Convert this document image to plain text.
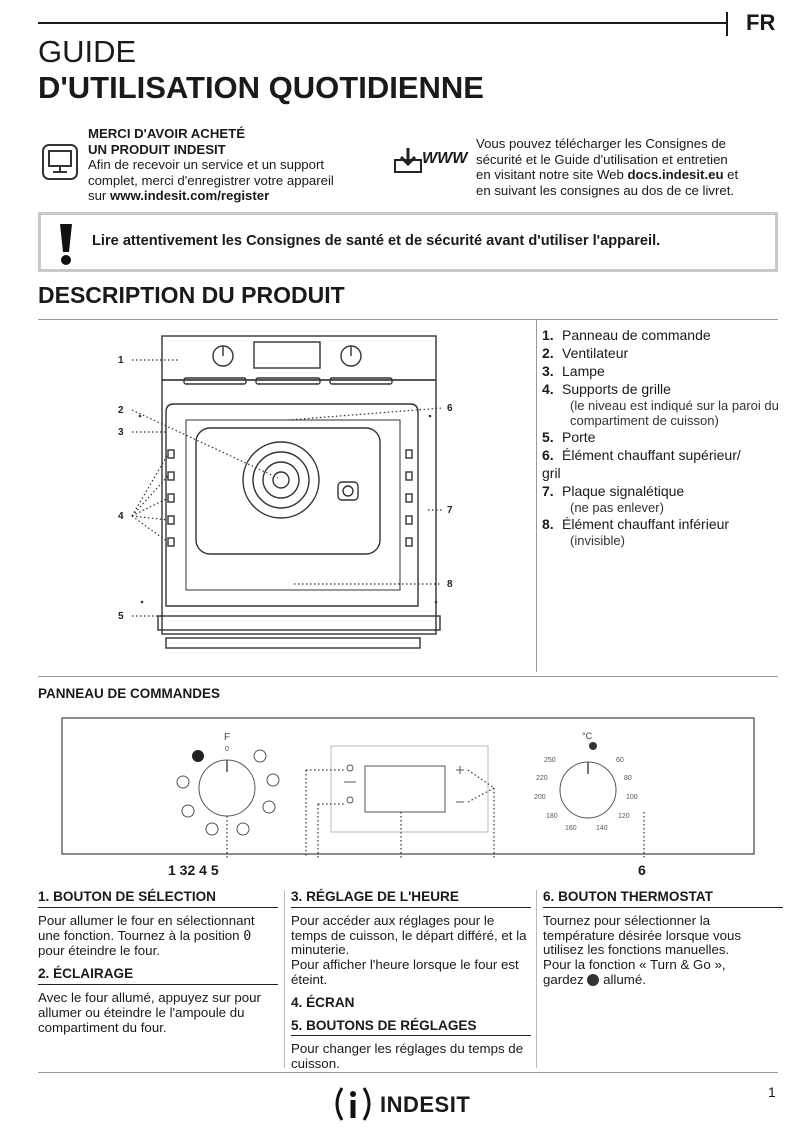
FR
GUIDE
D'UTILISATION QUOTIDIENNE
MERCI D'AVOIR ACHETÉ
UN PRODUIT INDESIT
Afin de recevoir un service et un support
complet, merci d'enregistrer votre appareil
sur www.indesit.com/register
WWW
Vous pouvez télécharger les Consignes de
sécurité et le Guide d'utilisation et entretien
en visitant notre site Web docs.indesit.eu et
en suivant les consignes au dos de ce livret.
Lire attentivement les Consignes de santé et de sécurité avant d'utiliser l'appareil.
DESCRIPTION DU PRODUIT
1
2
3
4
5
6
7
8
1. Panneau de commande
2. Ventilateur
3. Lampe
4. Supports de grille
(le niveau est indiqué sur la paroi du compartiment de cuisson)
5. Porte
6. Élément chauffant supérieur/ gril
7. Plaque signalétique
(ne pas enlever)
8. Élément chauffant inférieur
(invisible)
PANNEAU DE COMMANDES
F
0
°C
250	60
220	80
200	100
180	120
160	140
1 32 4 5	6
1. BOUTON DE SÉLECTION

Pour allumer le four en sélectionnant une fonction. Tournez à la position 0 pour éteindre le four.

2. ÉCLAIRAGE

Avec le four allumé, appuyez sur pour allumer ou éteindre le l'ampoule du compartiment du four.

3. RÉGLAGE DE L'HEURE

Pour accéder aux réglages pour le temps de cuisson, le départ différé, et la minuterie.

Pour afficher l'heure lorsque le four est éteint.

4. ÉCRAN
5. BOUTONS DE RÉGLAGES

Pour changer les réglages du temps de cuisson.

6. BOUTON THERMOSTAT

Tournez pour sélectionner la température désirée lorsque vous utilisez les fonctions manuelles.

Pour la fonction « Turn & Go »,
gardez allumé.

INDESIT	1
